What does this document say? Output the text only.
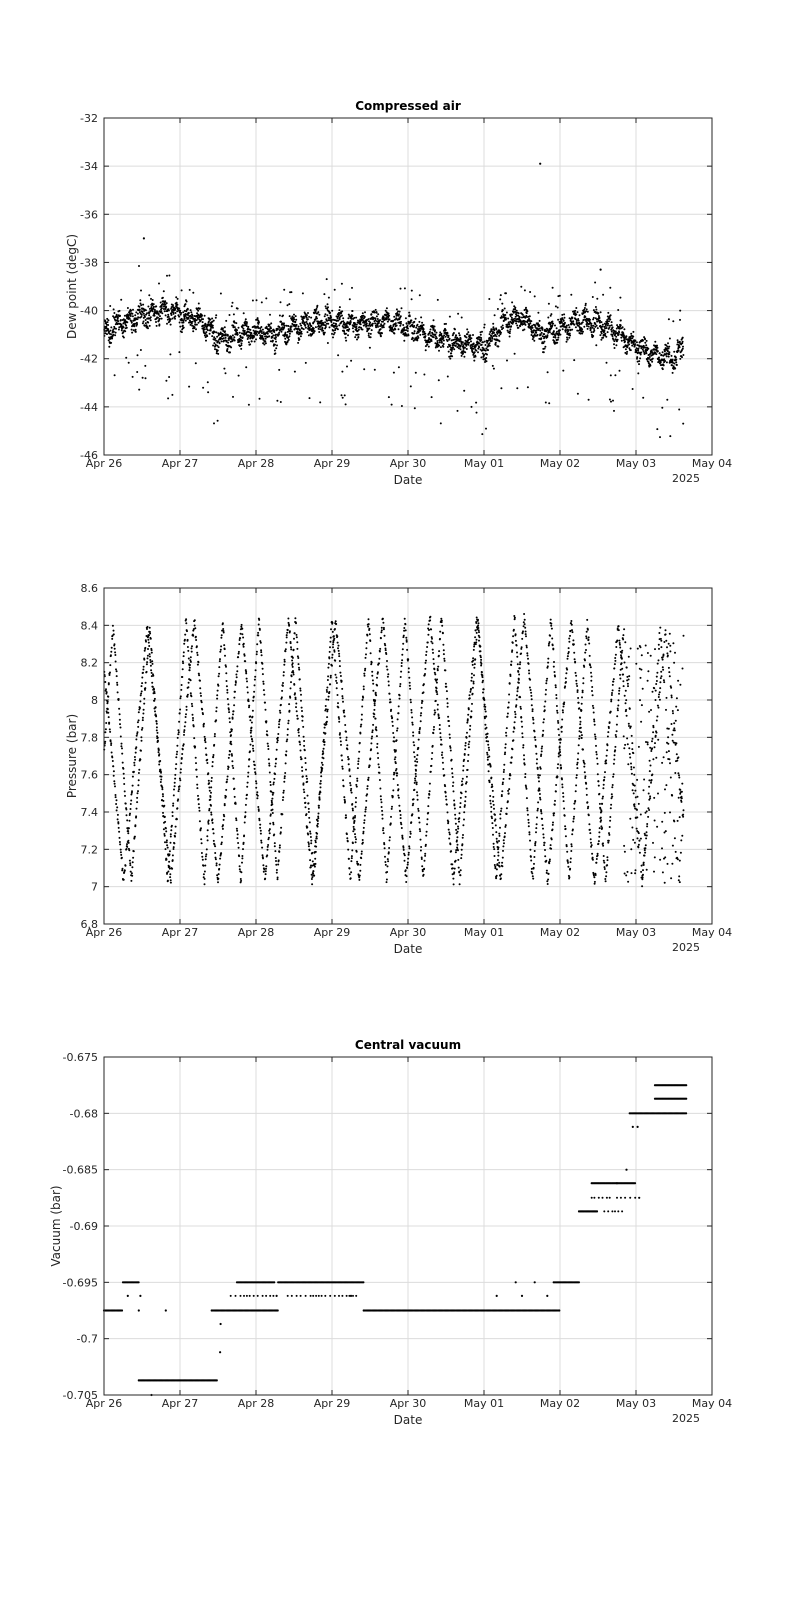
Apr 26	Apr 27	Apr 28	Apr 29	Apr 30	May 01	May 02	May 03	May 04
-46
-44
-42
-40
-38
-36
-34
-32
Compressed air
Date
Dew point (degC)
2025
Apr 26	Apr 27	Apr 28	Apr 29	Apr 30	May 01	May 02	May 03	May 04
6.8
7
7.2
7.4
7.6
7.8
8
8.2
8.4
8.6
Date
Pressure (bar)
2025
Apr 26	Apr 27	Apr 28	Apr 29	Apr 30	May 01	May 02	May 03	May 04
-0.705
-0.7
-0.695
-0.69
-0.685
-0.68
-0.675
Central vacuum
Date
Vacuum (bar)
2025
